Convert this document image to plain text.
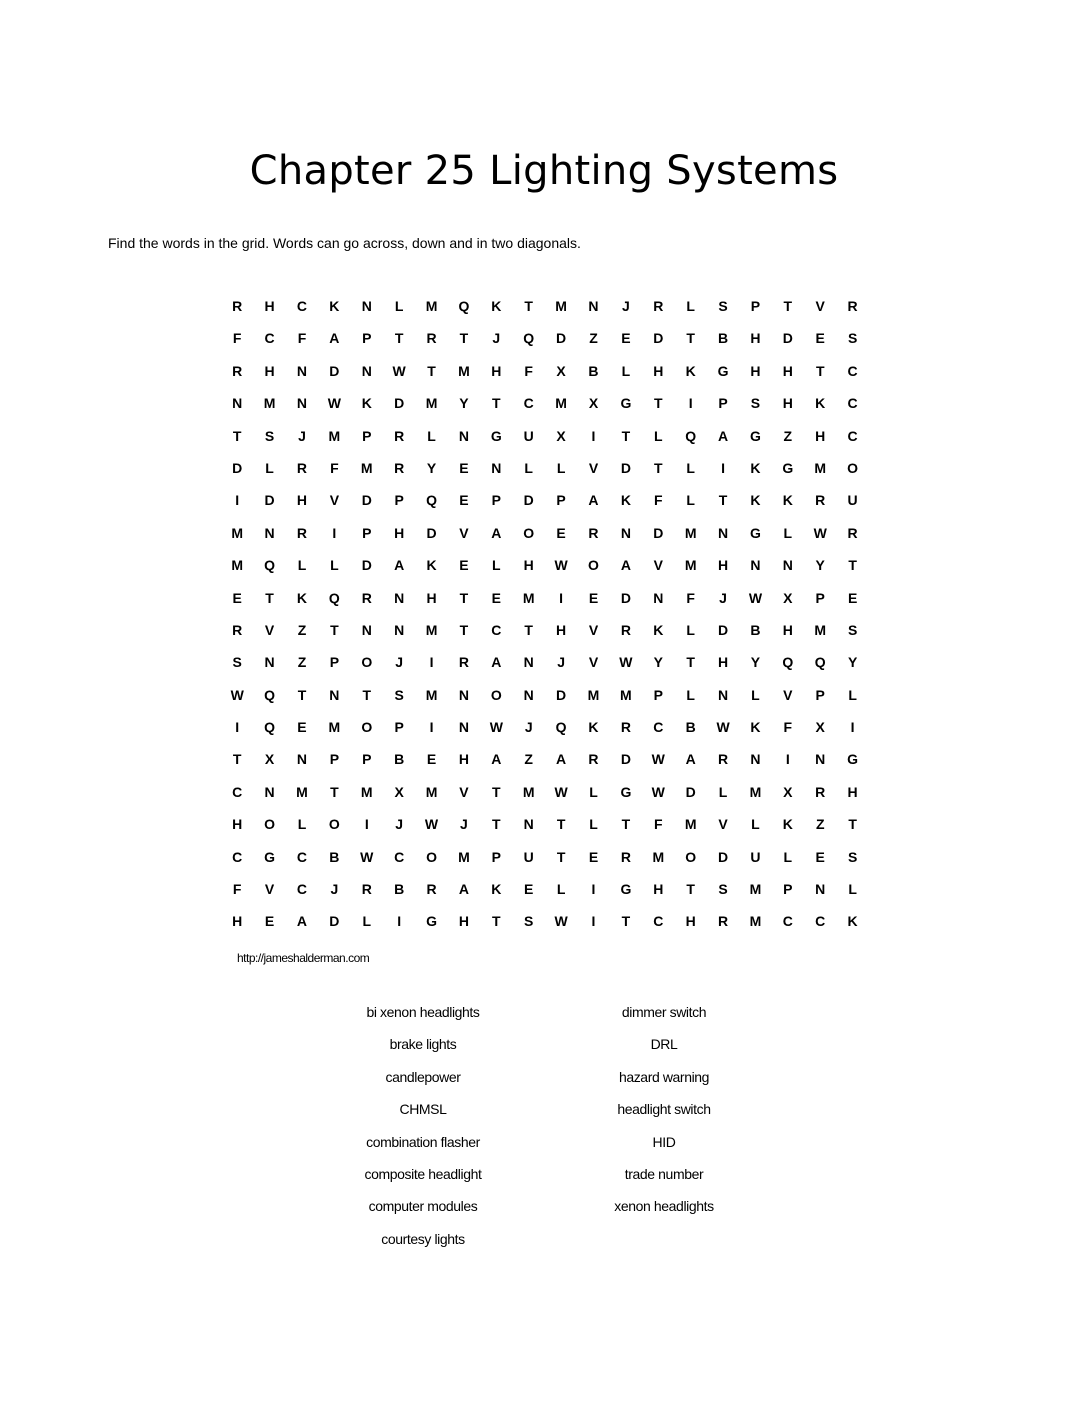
Chapter 25 Lighting Systems
Find the words in the grid. Words can go across, down and in two diagonals.
R	H	C	K	N	L	M	Q	K	T	M	N	J	R	L	S	P	T	V	R
F	C	F	A	P	T	R	T	J	Q	D	Z	E	D	T	B	H	D	E	S
R	H	N	D	N	W	T	M	H	F	X	B	L	H	K	G	H	H	T	C
N	M	N	W	K	D	M	Y	T	C	M	X	G	T	I	P	S	H	K	C
T	S	J	M	P	R	L	N	G	U	X	I	T	L	Q	A	G	Z	H	C
D	L	R	F	M	R	Y	E	N	L	L	V	D	T	L	I	K	G	M	O
I	D	H	V	D	P	Q	E	P	D	P	A	K	F	L	T	K	K	R	U
M	N	R	I	P	H	D	V	A	O	E	R	N	D	M	N	G	L	W	R
M	Q	L	L	D	A	K	E	L	H	W	O	A	V	M	H	N	N	Y	T
E	T	K	Q	R	N	H	T	E	M	I	E	D	N	F	J	W	X	P	E
R	V	Z	T	N	N	M	T	C	T	H	V	R	K	L	D	B	H	M	S
S	N	Z	P	O	J	I	R	A	N	J	V	W	Y	T	H	Y	Q	Q	Y
W	Q	T	N	T	S	M	N	O	N	D	M	M	P	L	N	L	V	P	L
I	Q	E	M	O	P	I	N	W	J	Q	K	R	C	B	W	K	F	X	I
T	X	N	P	P	B	E	H	A	Z	A	R	D	W	A	R	N	I	N	G
C	N	M	T	M	X	M	V	T	M	W	L	G	W	D	L	M	X	R	H
H	O	L	O	I	J	W	J	T	N	T	L	T	F	M	V	L	K	Z	T
C	G	C	B	W	C	O	M	P	U	T	E	R	M	O	D	U	L	E	S
F	V	C	J	R	B	R	A	K	E	L	I	G	H	T	S	M	P	N	L
H	E	A	D	L	I	G	H	T	S	W	I	T	C	H	R	M	C	C	K
http://jameshalderman.com
bi xenon headlights
brake lights
candlepower
CHMSL
combination flasher
composite headlight
computer modules
courtesy lights
dimmer switch
DRL
hazard warning
headlight switch
HID
trade number
xenon headlights
